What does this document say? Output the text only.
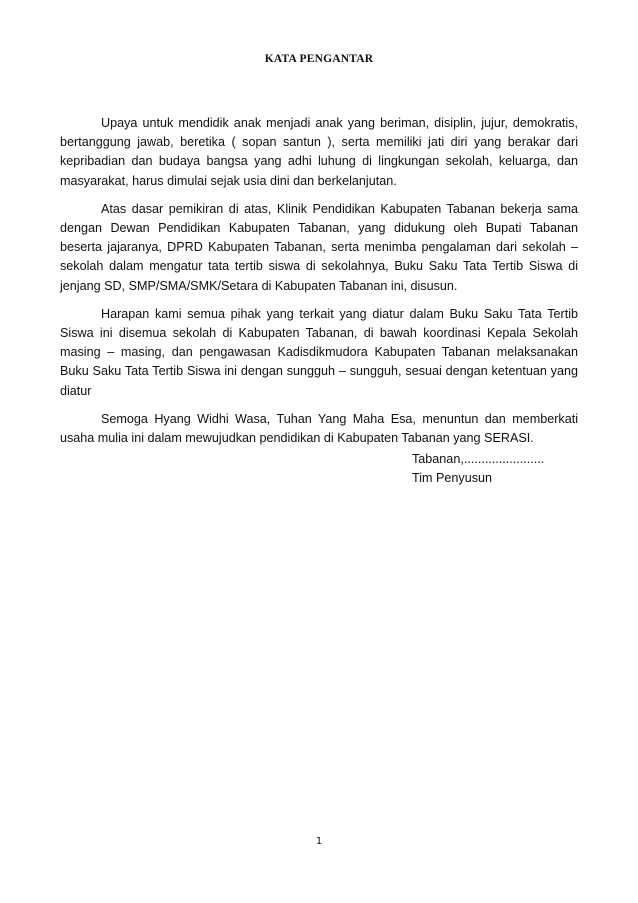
KATA PENGANTAR

Upaya untuk mendidik anak menjadi anak yang beriman, disiplin, jujur, demokratis, bertanggung jawab, beretika ( sopan santun ), serta memiliki jati diri yang berakar dari kepribadian dan budaya bangsa yang adhi luhung di lingkungan sekolah, keluarga, dan masyarakat, harus dimulai sejak usia dini dan berkelanjutan.

Atas dasar pemikiran di atas, Klinik Pendidikan Kabupaten Tabanan bekerja sama dengan Dewan Pendidikan Kabupaten Tabanan, yang didukung oleh Bupati Tabanan beserta jajaranya, DPRD Kabupaten Tabanan, serta menimba pengalaman dari sekolah – sekolah dalam mengatur tata tertib siswa di sekolahnya, Buku Saku Tata Tertib Siswa di jenjang SD, SMP/SMA/SMK/Setara di Kabupaten Tabanan ini, disusun.

Harapan kami semua pihak yang terkait yang diatur dalam Buku Saku Tata Tertib Siswa ini disemua sekolah di Kabupaten Tabanan, di bawah koordinasi Kepala Sekolah masing – masing, dan pengawasan Kadisdikmudora Kabupaten Tabanan melaksanakan Buku Saku Tata Tertib Siswa ini dengan sungguh – sungguh, sesuai dengan ketentuan yang diatur

Semoga Hyang Widhi Wasa, Tuhan Yang Maha Esa, menuntun dan memberkati usaha mulia ini dalam mewujudkan pendidikan di Kabupaten Tabanan yang SERASI.

Tabanan,.......................
Tim Penyusun
1
